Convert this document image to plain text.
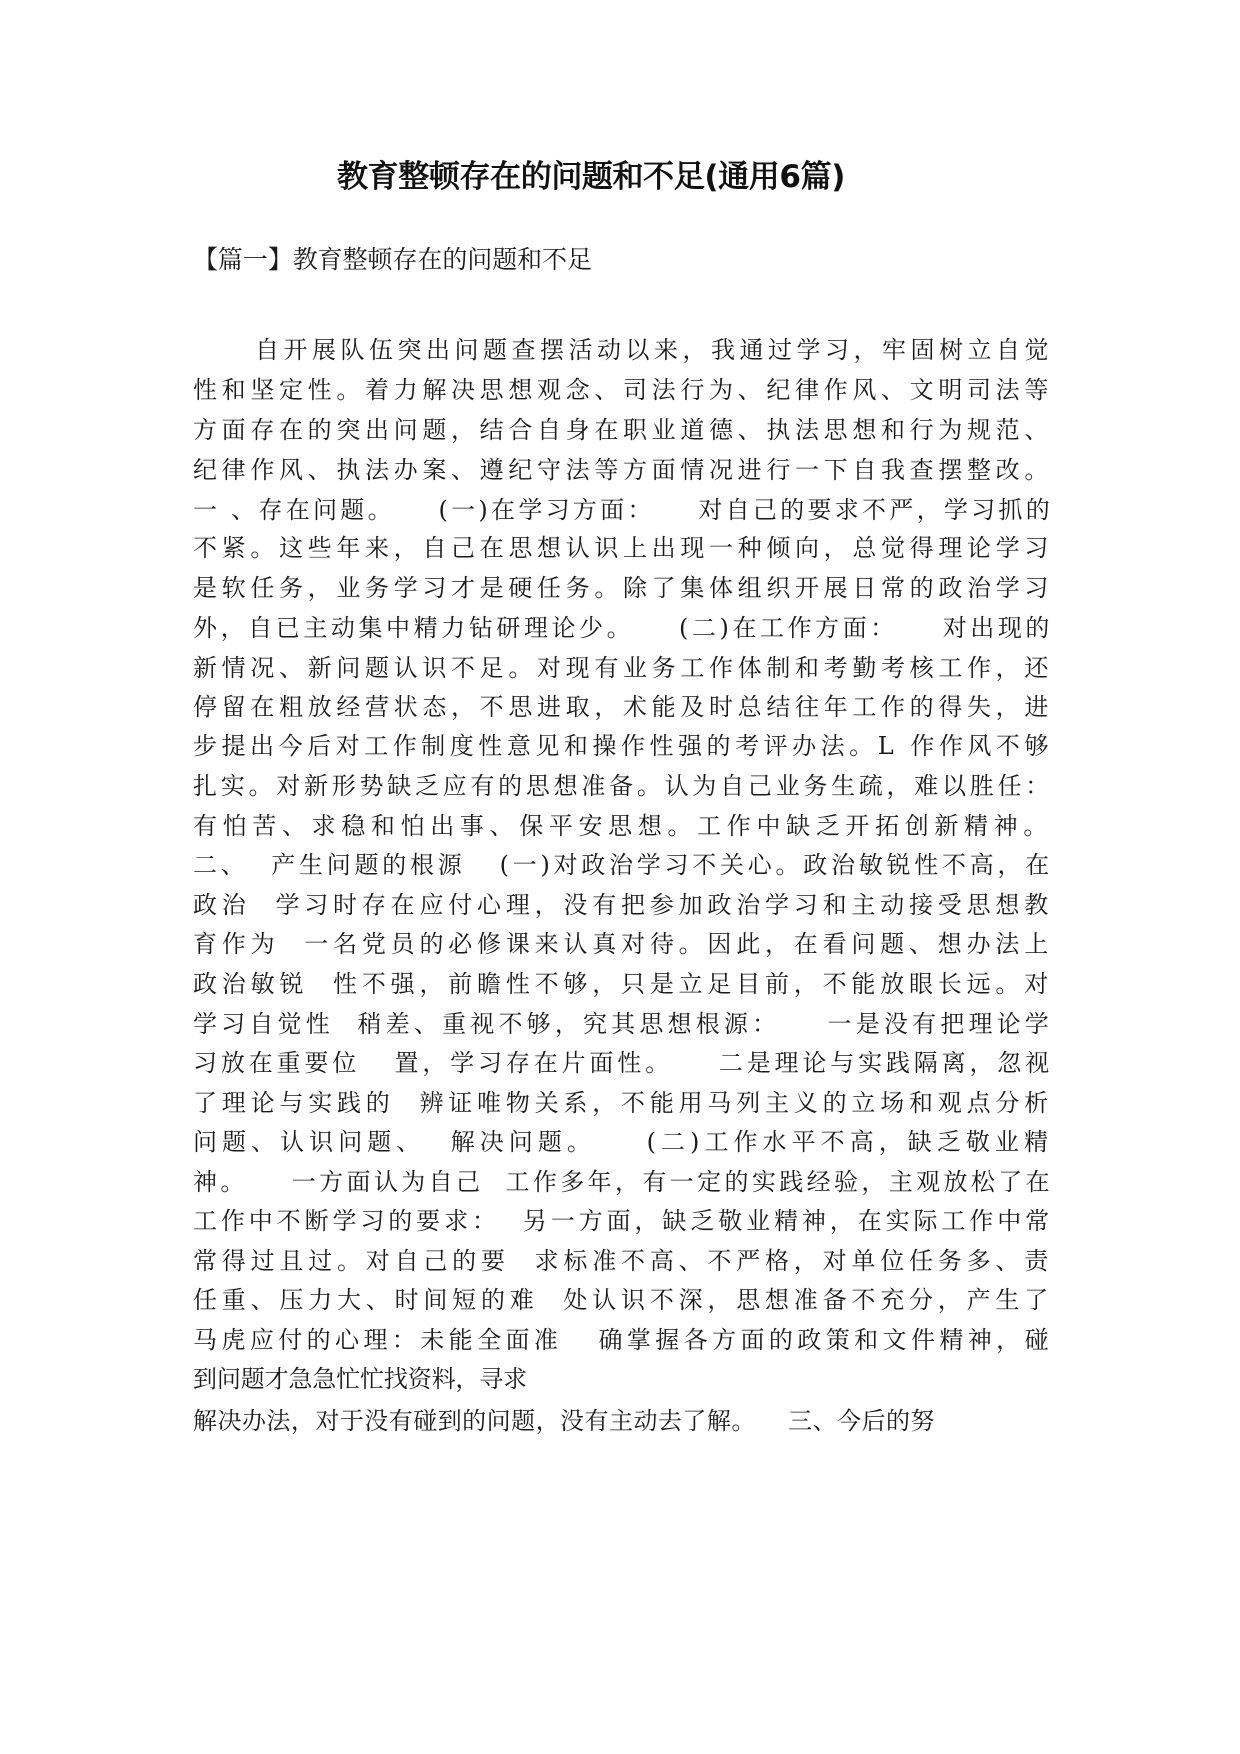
教育整顿存在的问题和不足(通用6篇)
【篇一】教育整顿存在的问题和不足
自开展队伍突出问题查摆活动以来，我通过学习，牢固树立自觉
性和坚定性。着力解决思想观念、司法行为、纪律作风、文明司法等
方面存在的突出问题，结合自身在职业道德、执法思想和行为规范、
纪律作风、执法办案、遵纪守法等方面情况进行一下自我查摆整改。
一 、存在问题。    (一)在学习方面：    对自己的要求不严，学习抓的
不紧。这些年来，自己在思想认识上出现一种倾向，总觉得理论学习
是软任务，业务学习才是硬任务。除了集体组织开展日常的政治学习
外，自已主动集中精力钻研理论少。    (二)在工作方面：    对出现的
新情况、新问题认识不足。对现有业务工作体制和考勤考核工作，还
停留在粗放经营状态，不思进取，术能及时总结往年工作的得失，进
步提出今后对工作制度性意见和操作性强的考评办法。L 作作风不够
扎实。对新形势缺乏应有的思想准备。认为自己业务生疏，难以胜任：
有怕苦、求稳和怕出事、保平安思想。工作中缺乏开拓创新精神。
二、  产生问题的根源   (一)对政治学习不关心。政治敏锐性不高，在
政治  学习时存在应付心理，没有把参加政治学习和主动接受思想教
育作为  一名党员的必修课来认真对待。因此，在看问题、想办法上
政治敏锐  性不强，前瞻性不够，只是立足目前，不能放眼长远。对
学习自觉性  稍差、重视不够，究其思想根源：    一是没有把理论学
习放在重要位   置，学习存在片面性。    二是理论与实践隔离，忽视
了理论与实践的  辨证唯物关系，不能用马列主义的立场和观点分析
问题、认识问题、  解决问题。    (二)工作水平不高，缺乏敬业精
神。    一方面认为自己  工作多年，有一定的实践经验，主观放松了在
工作中不断学习的要求：  另一方面，缺乏敬业精神，在实际工作中常
常得过且过。对自己的要  求标准不高、不严格，对单位任务多、责
任重、压力大、时间短的难  处认识不深，思想准备不充分，产生了
马虎应付的心理：未能全面准   确掌握各方面的政策和文件精神，碰
到问题才急急忙忙找资料，寻求
解决办法，对于没有碰到的问题，没有主动去了解。    三、今后的努
